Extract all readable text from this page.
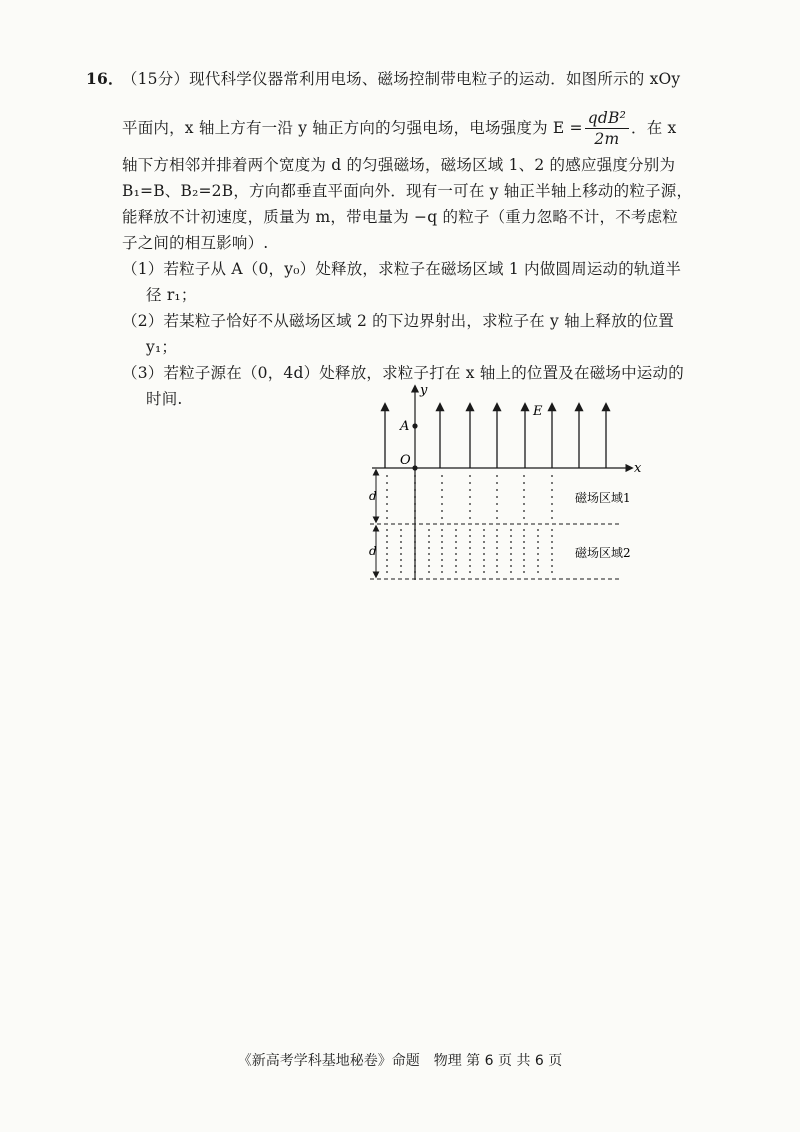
16． （15分）现代科学仪器常利用电场、磁场控制带电粒子的运动．如图所示的 xOy
平面内，x 轴上方有一沿 y 轴正方向的匀强电场，电场强度为 $E = \frac{\text{qdB²}}{2m}$ ．在 x
轴下方相邻并排着两个宽度为 d 的匀强磁场，磁场区域 1、2 的感应强度分别为
B₁=B、B₂=2B，方向都垂直平面向外．现有一可在 y 轴正半轴上移动的粒子源，
能释放不计初速度，质量为 m，带电量为 −q 的粒子（重力忽略不计，不考虑粒
子之间的相互影响）.
（1）若粒子从 A（0，y₀）处释放，求粒子在磁场区域 1 内做圆周运动的轨道半
径 r₁；
（2）若某粒子恰好不从磁场区域 2 的下边界射出，求粒子在 y 轴上释放的位置
y₁；
（3）若粒子源在（0，4d）处释放，求粒子打在 x 轴上的位置及在磁场中运动的
时间.	y
x
O
A
E
d
d
磁场区域1
磁场区域2
《新高考学科基地秘卷》命题　物理 第 6 页 共 6 页
